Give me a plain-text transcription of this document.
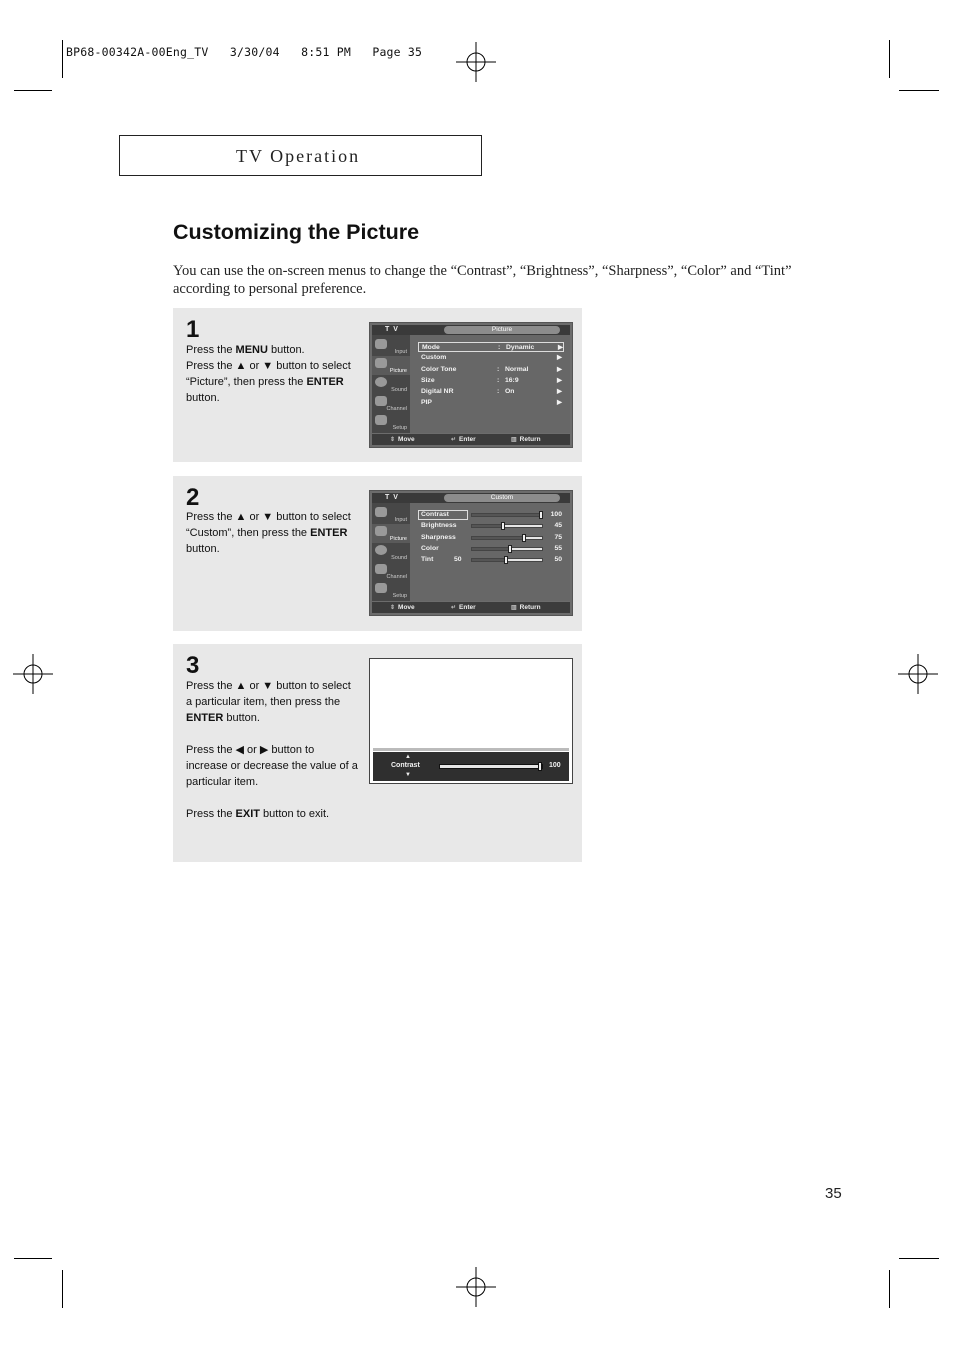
BP68-00342A-00Eng_TV   3/30/04   8:51 PM   Page 35
TV Operation
Customizing the Picture

You can use the on-screen menus to change the “Contrast”, “Brightness”, “Sharpness”, “Color” and “Tint” according to personal preference.

1

Press the MENU button.

Press the ▲ or ▼ button to select “Picture”, then press the ENTER button.

T V	Picture
Input
Picture
Sound
Channel
Setup
Mode	: Dynamic	▶
Custom	▶
Color Tone	: Normal	▶
Size	: 16:9	▶
Digital NR	: On	▶
PIP	▶
⇕ Move	↵ Enter	▥ Return
2

Press the ▲ or ▼ button to select “Custom”, then press the ENTER button.

T V	Custom
Input
Picture
Sound
Channel
Setup
Contrast	100
Brightness	45
Sharpness	75
Color	55
Tint	50	50
⇕ Move	↵ Enter	▥ Return
3

Press the ▲ or ▼ button to select a particular item, then press the ENTER button.

Press the ◀ or ▶ button to increase or decrease the value of a particular item.

Press the EXIT button to exit.

▲
Contrast
▼
100
35
